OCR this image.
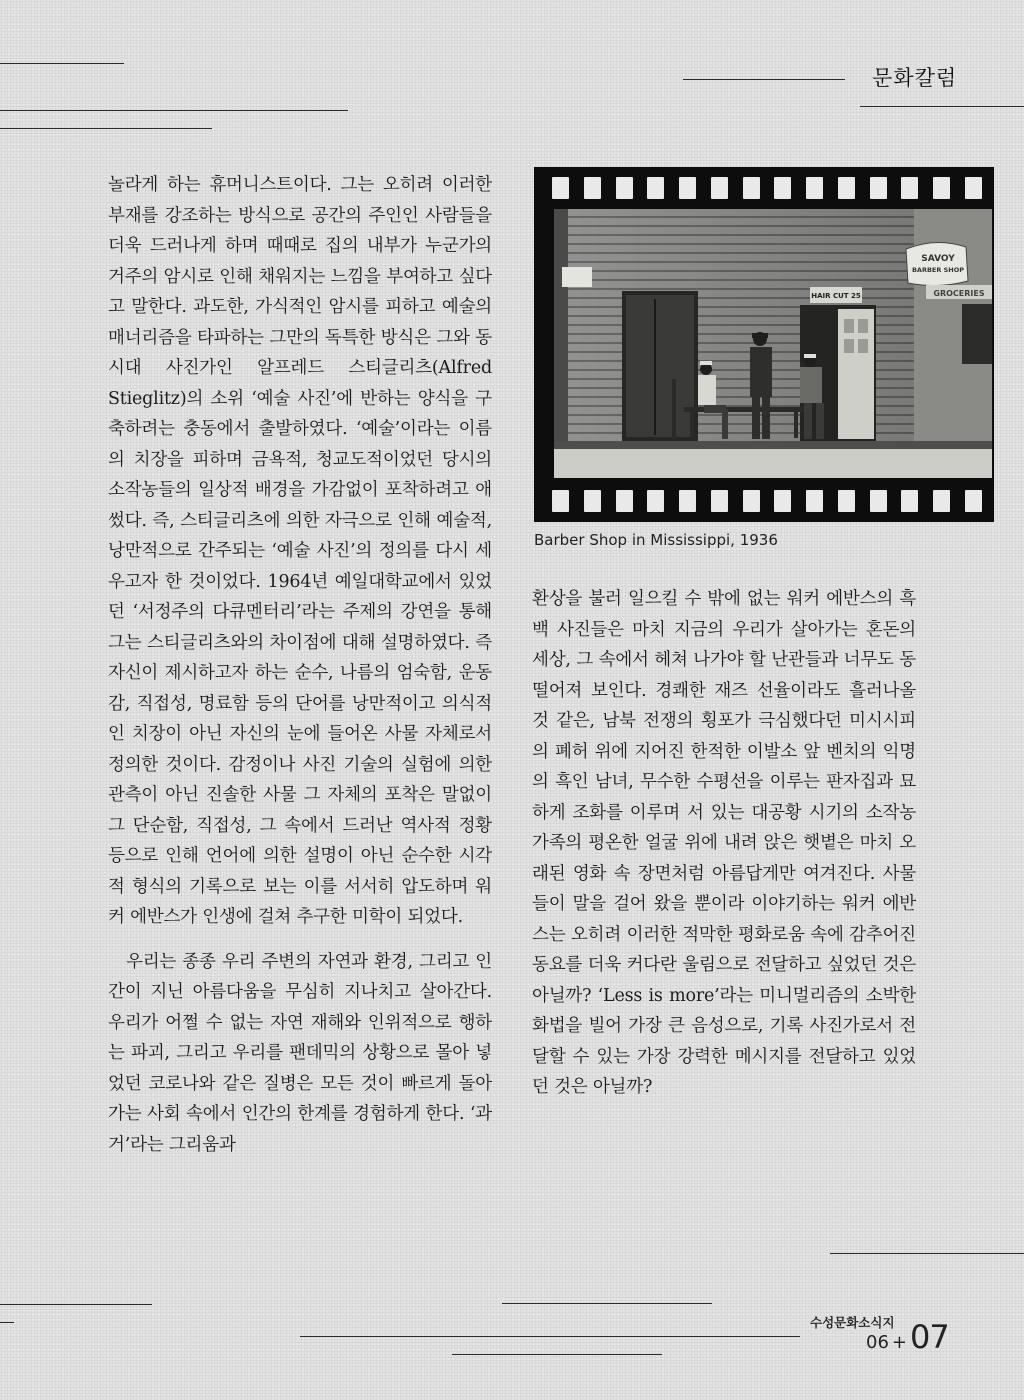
문화칼럼

놀라게 하는 휴머니스트이다. 그는 오히려 이러한 부재를 강조하는 방식으로 공간의 주인인 사람들을 더욱 드러나게 하며 때때로 집의 내부가 누군가의 거주의 암시로 인해 채워지는 느낌을 부여하고 싶다고 말한다. 과도한, 가식적인 암시를 피하고 예술의 매너리즘을 타파하는 그만의 독특한 방식은 그와 동시대 사진가인 알프레드 스티글리츠(Alfred Stieglitz)의 소위 ‘예술 사진’에 반하는 양식을 구축하려는 충동에서 출발하였다. ‘예술’이라는 이름의 치장을 피하며 금욕적, 청교도적이었던 당시의 소작농들의 일상적 배경을 가감없이 포착하려고 애썼다. 즉, 스티글리츠에 의한 자극으로 인해 예술적, 낭만적으로 간주되는 ‘예술 사진’의 정의를 다시 세우고자 한 것이었다. 1964년 예일대학교에서 있었던 ‘서정주의 다큐멘터리’라는 주제의 강연을 통해 그는 스티글리츠와의 차이점에 대해 설명하였다. 즉 자신이 제시하고자 하는 순수, 나름의 엄숙함, 운동감, 직접성, 명료함 등의 단어를 낭만적이고 의식적인 치장이 아닌 자신의 눈에 들어온 사물 자체로서 정의한 것이다. 감정이나 사진 기술의 실험에 의한 관측이 아닌 진솔한 사물 그 자체의 포착은 말없이 그 단순함, 직접성, 그 속에서 드러난 역사적 정황 등으로 인해 언어에 의한 설명이 아닌 순수한 시각적 형식의 기록으로 보는 이를 서서히 압도하며 워커 에반스가 인생에 걸쳐 추구한 미학이 되었다.

우리는 종종 우리 주변의 자연과 환경, 그리고 인간이 지닌 아름다움을 무심히 지나치고 살아간다. 우리가 어쩔 수 없는 자연 재해와 인위적으로 행하는 파괴, 그리고 우리를 팬데믹의 상황으로 몰아 넣었던 코로나와 같은 질병은 모든 것이 빠르게 돌아가는 사회 속에서 인간의 한계를 경험하게 한다. ‘과거’라는 그리움과

HAIR CUT 25
SAVOY
BARBER SHOP
GROCERIES
Barber Shop in Mississippi, 1936

환상을 불러 일으킬 수 밖에 없는 워커 에반스의 흑백 사진들은 마치 지금의 우리가 살아가는 혼돈의 세상, 그 속에서 헤쳐 나가야 할 난관들과 너무도 동떨어져 보인다. 경쾌한 재즈 선율이라도 흘러나올 것 같은, 남북 전쟁의 횡포가 극심했다던 미시시피의 폐허 위에 지어진 한적한 이발소 앞 벤치의 익명의 흑인 남녀, 무수한 수평선을 이루는 판자집과 묘하게 조화를 이루며 서 있는 대공황 시기의 소작농 가족의 평온한 얼굴 위에 내려 앉은 햇볕은 마치 오래된 영화 속 장면처럼 아름답게만 여겨진다. 사물들이 말을 걸어 왔을 뿐이라 이야기하는 워커 에반스는 오히려 이러한 적막한 평화로움 속에 감추어진 동요를 더욱 커다란 울림으로 전달하고 싶었던 것은 아닐까? ‘Less is more’라는 미니멀리즘의 소박한 화법을 빌어 가장 큰 음성으로, 기록 사진가로서 전달할 수 있는 가장 강력한 메시지를 전달하고 있었던 것은 아닐까?

수성문화소식지
06 +07
